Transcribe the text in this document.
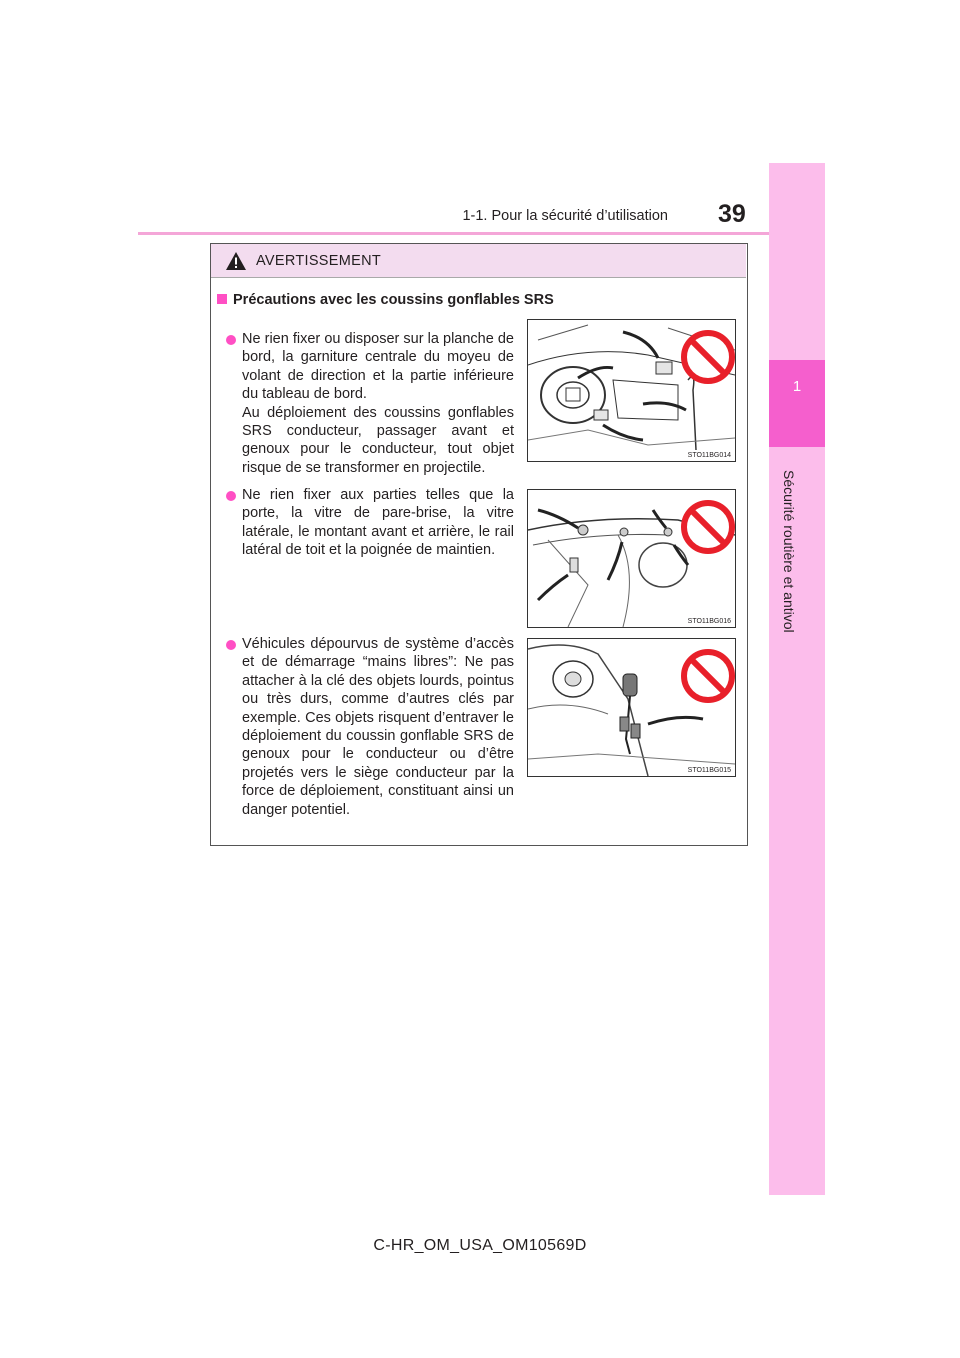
1-1. Pour la sécurité d’utilisation 39
1
Sécurité routière et antivol
AVERTISSEMENT
Précautions avec les coussins gonflables SRS
Ne rien fixer ou disposer sur la planche de bord, la garniture centrale du moyeu de volant de direction et la partie inférieure du tableau de bord.
Au déploiement des coussins gonflables SRS conducteur, passager avant et genoux pour le conducteur, tout objet risque de se transformer en projectile.
STO11BG014
Ne rien fixer aux parties telles que la porte, la vitre de pare-brise, la vitre latérale, le montant avant et arrière, le rail latéral de toit et la poignée de maintien.
STO11BG016
Véhicules dépourvus de système d’accès et de démarrage “mains libres”: Ne pas attacher à la clé des objets lourds, pointus ou très durs, comme d’autres clés par exemple. Ces objets risquent d’entraver le déploiement du coussin gonflable SRS de genoux pour le conducteur ou d’être projetés vers le siège conducteur par la force de déploiement, constituant ainsi un danger potentiel.
STO11BG015
C-HR_OM_USA_OM10569D
